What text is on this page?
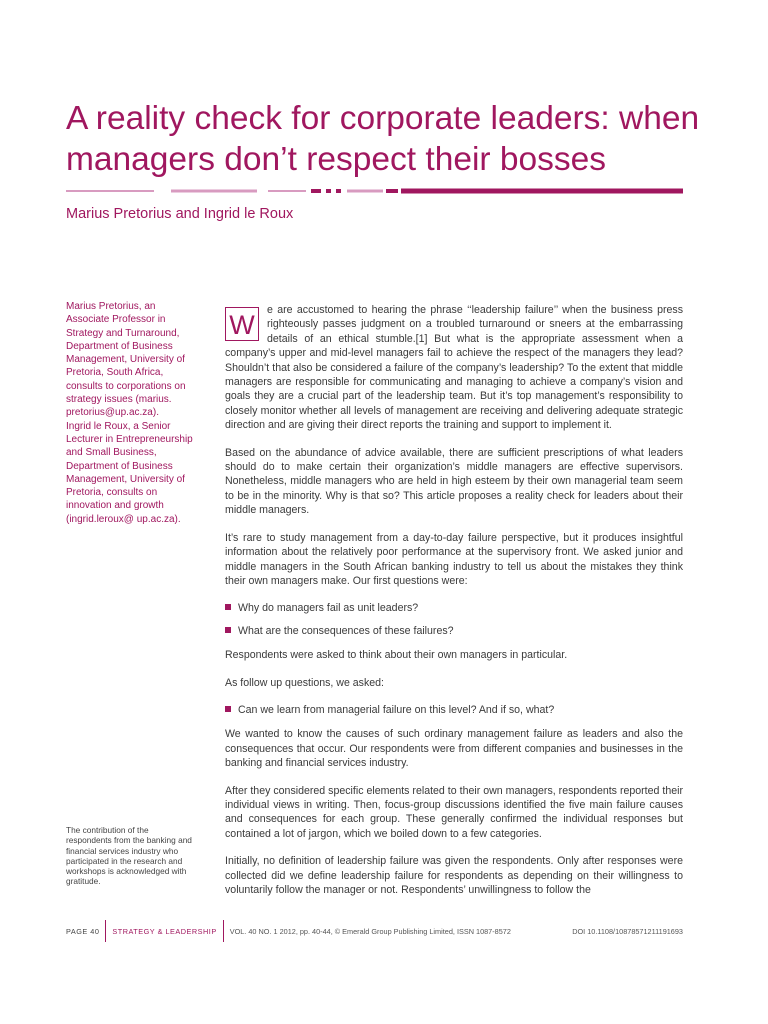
A reality check for corporate leaders: when managers don’t respect their bosses
Marius Pretorius and Ingrid le Roux

Marius Pretorius, an Associate Professor in Strategy and Turnaround, Department of Business Management, University of Pretoria, South Africa, consults to corporations on strategy issues (marius. pretorius@up.ac.za).

Ingrid le Roux, a Senior Lecturer in Entrepreneurship and Small Business, Department of Business Management, University of Pretoria, consults on innovation and growth (ingrid.leroux@ up.ac.za).

The contribution of the respondents from the banking and financial services industry who participated in the research and workshops is acknowledged with gratitude.

W	e are accustomed to hearing the phrase ‘‘leadership failure’’ when the business press righteously passes judgment on a troubled turnaround or sneers at the embarrassing details of an ethical stumble.[1] But what is the appropriate assessment when a company’s upper and mid-level managers fail to achieve the respect of the managers they lead? Shouldn’t that also be considered a failure of the company’s leadership? To the extent that middle managers are responsible for communicating and managing to achieve a company’s vision and goals they are a crucial part of the leadership team. But it’s top management’s responsibility to closely monitor whether all levels of management are receiving and delivering adequate strategic direction and are giving their direct reports the training and support to implement it.

Based on the abundance of advice available, there are sufficient prescriptions of what leaders should do to make certain their organization’s middle managers are effective supervisors. Nonetheless, middle managers who are held in high esteem by their own managerial team seem to be in the minority. Why is that so? This article proposes a reality check for leaders about their middle managers.

It’s rare to study management from a day-to-day failure perspective, but it produces insightful information about the relatively poor performance at the supervisory front. We asked junior and middle managers in the South African banking industry to tell us about the mistakes they think their own managers make. Our first questions were:

Why do managers fail as unit leaders?
What are the consequences of these failures?

Respondents were asked to think about their own managers in particular.

As follow up questions, we asked:

Can we learn from managerial failure on this level? And if so, what?

We wanted to know the causes of such ordinary management failure as leaders and also the consequences that occur. Our respondents were from different companies and businesses in the banking and financial services industry.

After they considered specific elements related to their own managers, respondents reported their individual views in writing. Then, focus-group discussions identified the five main failure causes and consequences for each group. These generally confirmed the individual responses but contained a lot of jargon, which we boiled down to a few categories.

Initially, no definition of leadership failure was given the respondents. Only after responses were collected did we define leadership failure for respondents as depending on their willingness to voluntarily follow the manager or not. Respondents’ unwillingness to follow the

PAGE 40 STRATEGY & LEADERSHIP VOL. 40 NO. 1 2012, pp. 40-44, © Emerald Group Publishing Limited, ISSN 1087-8572	DOI 10.1108/10878571211191693
